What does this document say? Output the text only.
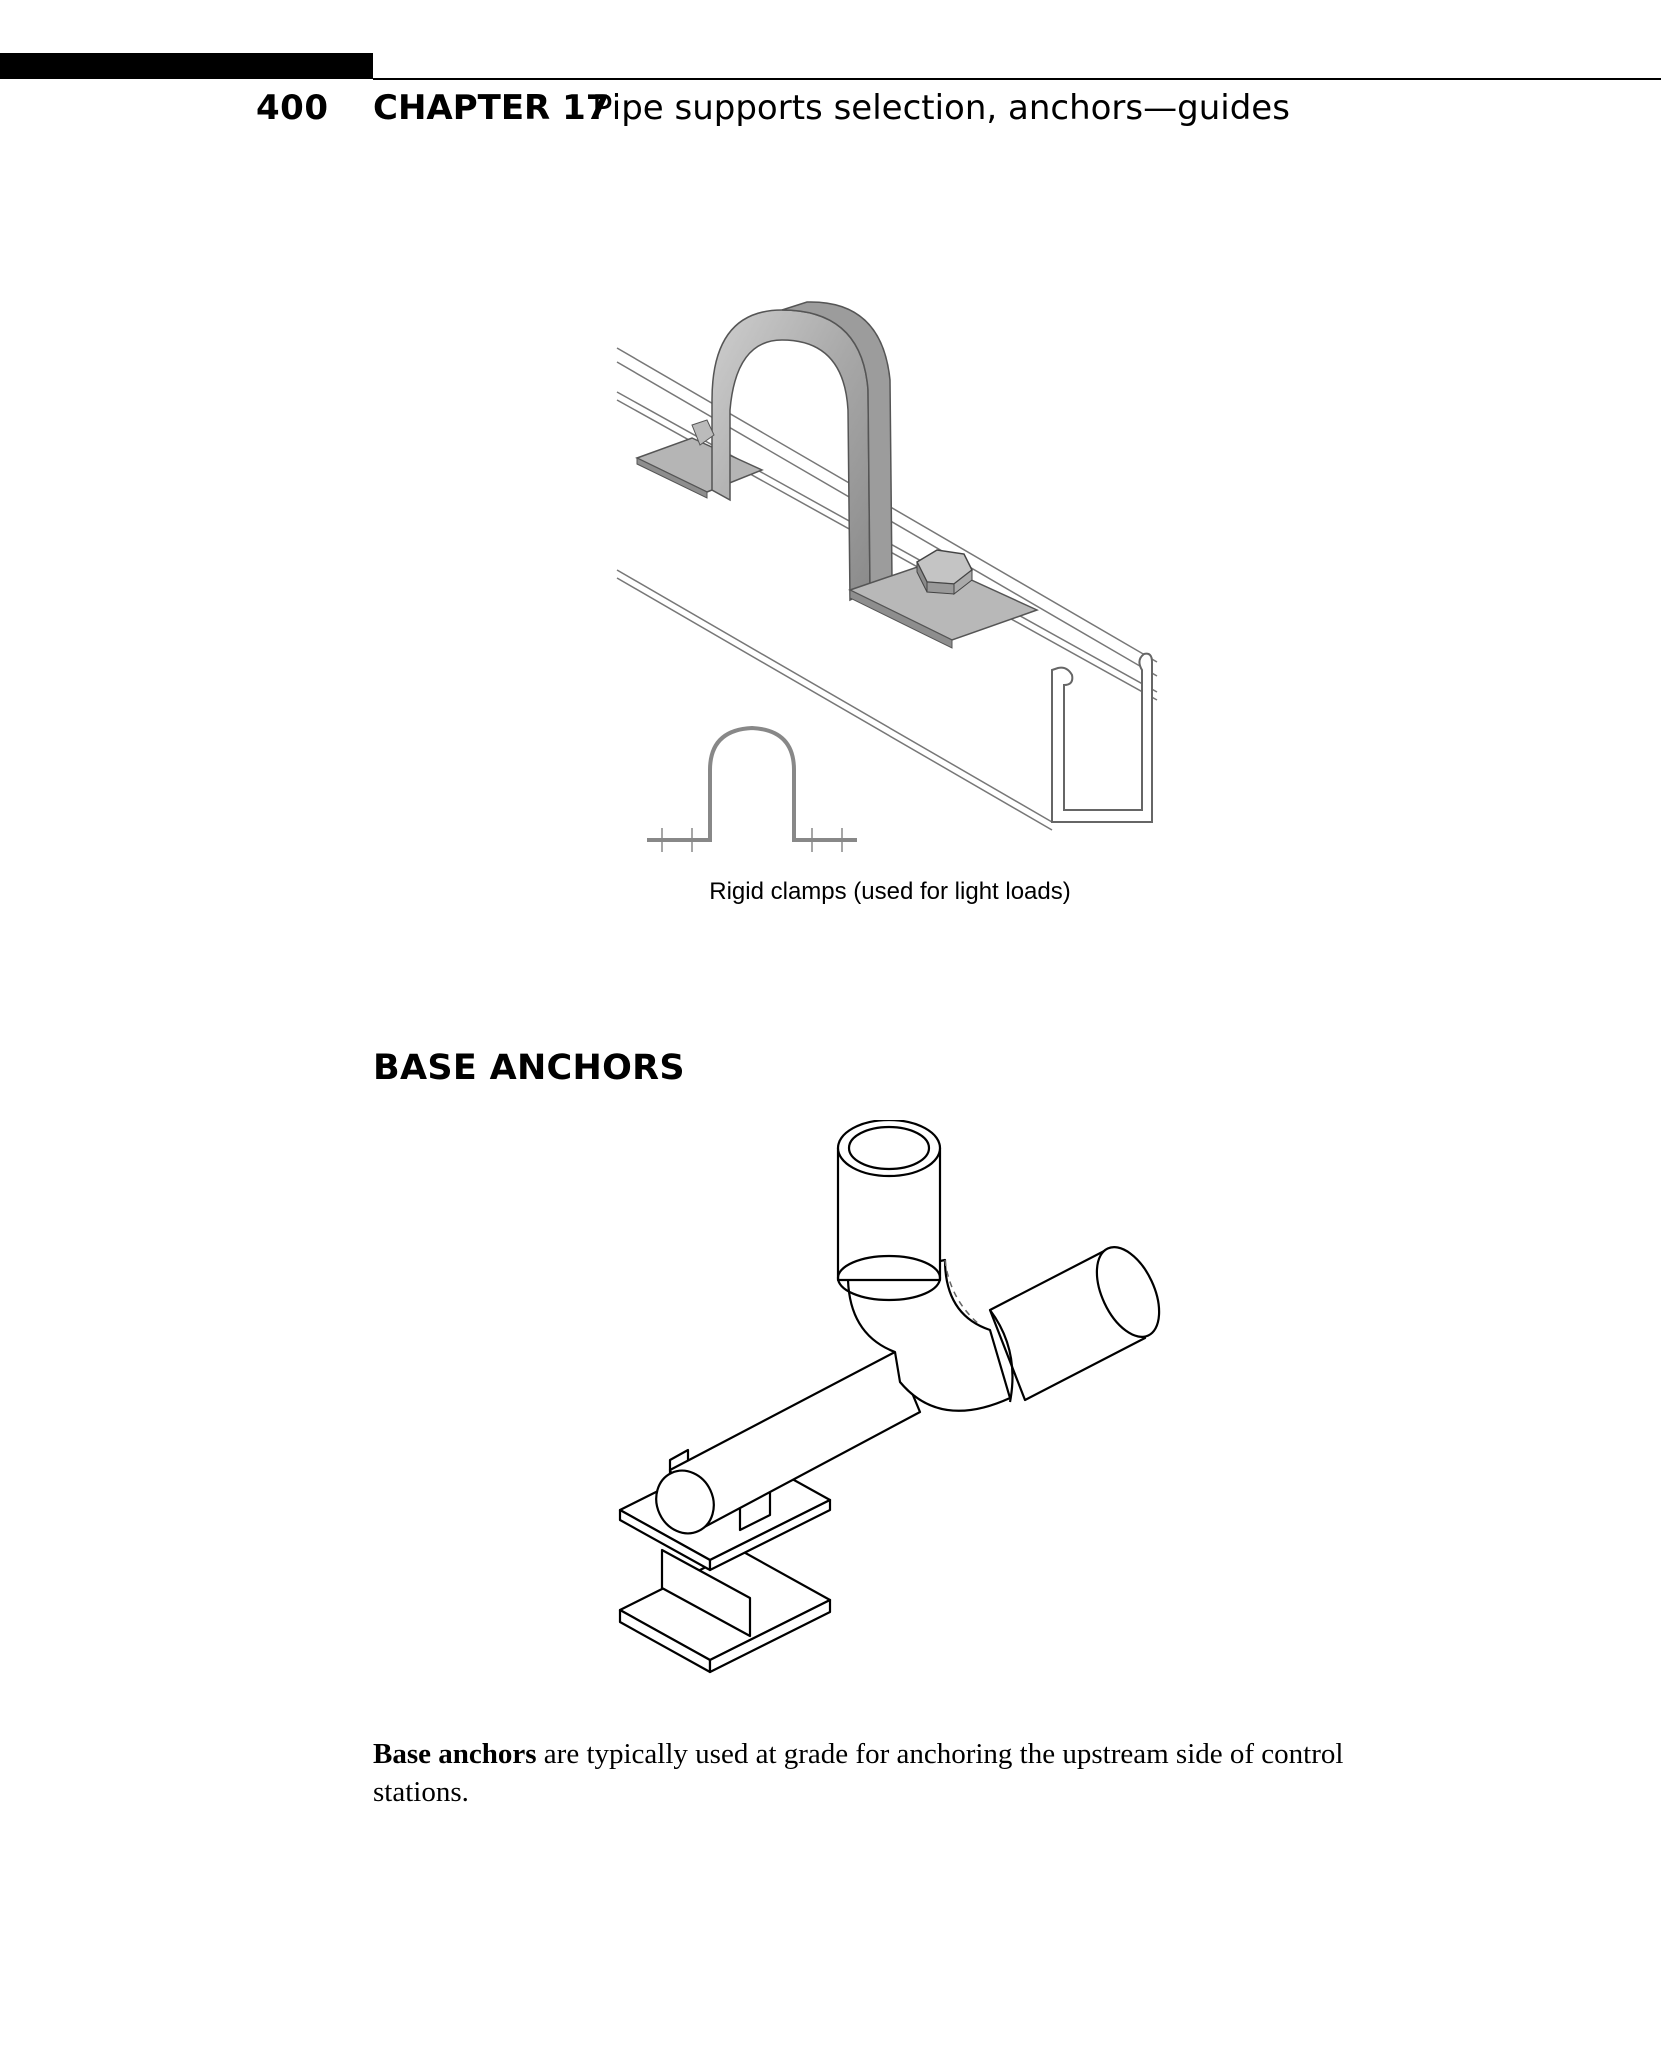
400 CHAPTER 17
Pipe supports selection, anchors—guides
Rigid clamps (used for light loads)
BASE ANCHORS
Base anchors are typically used at grade for anchoring the upstream side of control stations.
